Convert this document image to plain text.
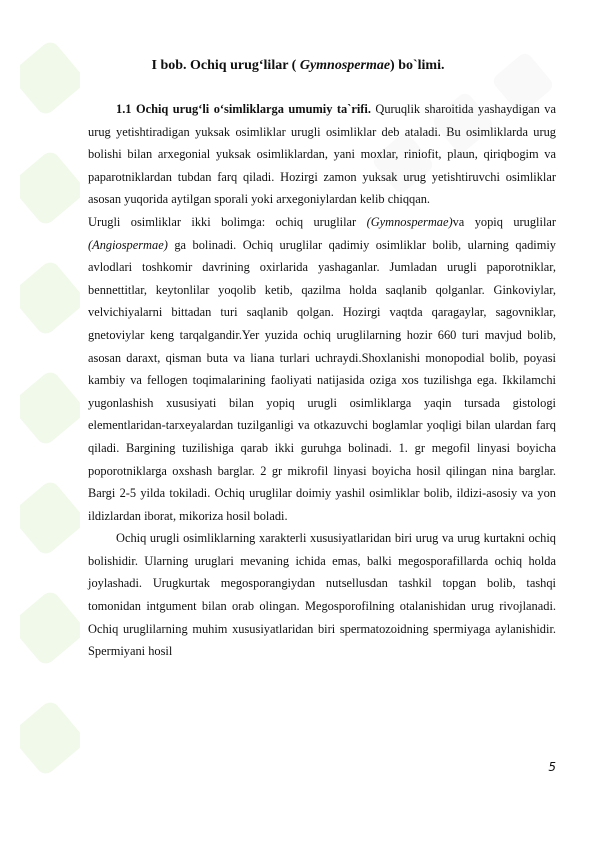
I bob. Ochiq urug‘lilar ( Gymnospermae) bo`limi.

1.1 Ochiq urug‘li o‘simliklarga umumiy ta`rifi. Quruqlik sharoitida yashaydigan va urug yetishtiradigan yuksak osimliklar urugli osimliklar deb ataladi. Bu osimliklarda urug bolishi bilan arxegonial yuksak osimliklardan, yani moxlar, riniofit, plaun, qiriqbogim va paparotniklardan tubdan farq qiladi. Hozirgi zamon yuksak urug yetishtiruvchi osimliklar asosan yuqorida aytilgan sporali yoki arxegoniylardan kelib chiqqan.

Urugli osimliklar ikki bolimga: ochiq uruglilar (Gymnospermae)va yopiq uruglilar (Angiospermae) ga bolinadi. Ochiq uruglilar qadimiy osimliklar bolib, ularning qadimiy avlodlari toshkomir davrining oxirlarida yashaganlar. Jumladan urugli paporotniklar, bennettitlar, keytonlilar yoqolib ketib, qazilma holda saqlanib qolganlar. Ginkoviylar, velvichiyalarni bittadan turi saqlanib qolgan. Hozirgi vaqtda qaragaylar, sagovniklar, gnetoviylar keng tarqalgandir.Yer yuzida ochiq uruglilarning hozir 660 turi mavjud bolib, asosan daraxt, qisman buta va liana turlari uchraydi.Shoxlanishi monopodial bolib, poyasi kambiy va fellogen toqimalarining faoliyati natijasida oziga xos tuzilishga ega. Ikkilamchi yugonlashish xususiyati bilan yopiq urugli osimliklarga yaqin tursada gistologi elementlaridan-tarxeyalardan tuzilganligi va otkazuvchi boglamlar yoqligi bilan ulardan farq qiladi. Bargining tuzilishiga qarab ikki guruhga bolinadi. 1. gr megofil linyasi boyicha poporotniklarga oxshash barglar. 2 gr mikrofil linyasi boyicha hosil qilingan nina barglar. Bargi 2-5 yilda tokiladi. Ochiq uruglilar doimiy yashil osimliklar bolib, ildizi-asosiy va yon ildizlardan iborat, mikoriza hosil boladi.

Ochiq urugli osimliklarning xarakterli xususiyatlaridan biri urug va urug kurtakni ochiq bolishidir. Ularning uruglari mevaning ichida emas, balki megosporafillarda ochiq holda joylashadi. Urugkurtak megosporangiydan nutsellusdan tashkil topgan bolib, tashqi tomonidan intgument bilan orab olingan. Megosporofilning otalanishidan urug rivojlanadi. Ochiq uruglilarning muhim xususiyatlaridan biri spermatozoidning spermiyaga aylanishidir. Spermiyani hosil

5
